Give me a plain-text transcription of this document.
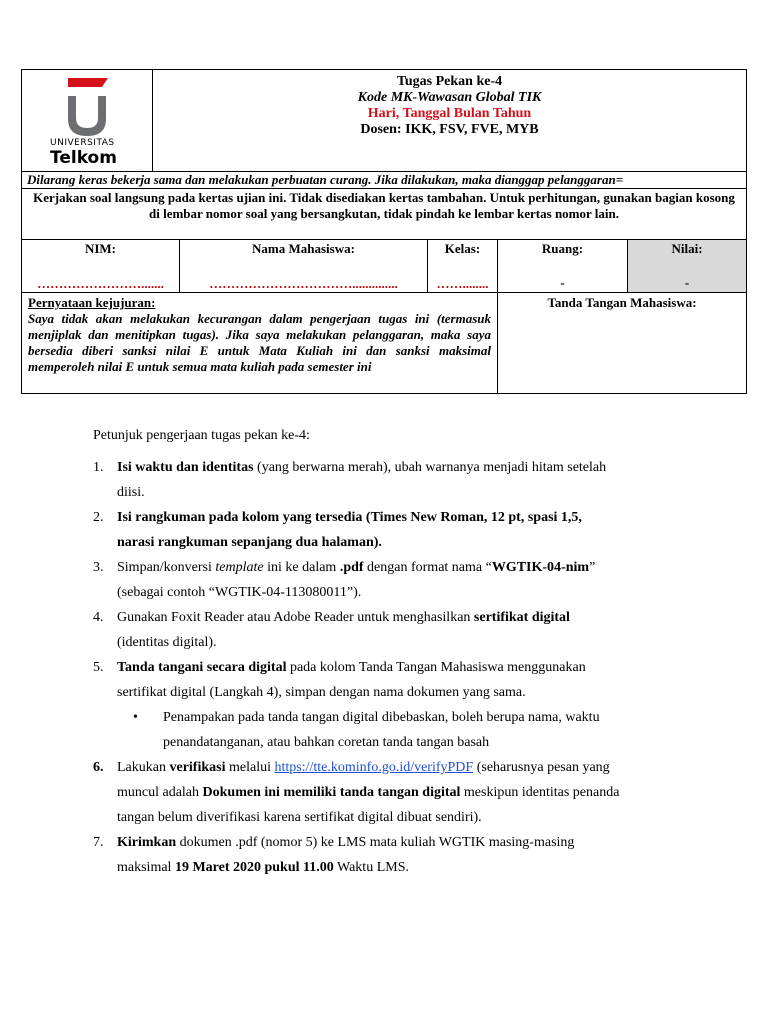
UNIVERSITAS
Telkom
Tugas Pekan ke-4
Kode MK-Wawasan Global TIK
Hari, Tanggal Bulan Tahun
Dosen: IKK, FSV, FVE, MYB
Dilarang keras bekerja sama dan melakukan perbuatan curang. Jika dilakukan, maka dianggap pelanggaran=
Kerjakan soal langsung pada kertas ujian ini. Tidak disediakan kertas tambahan. Untuk perhitungan, gunakan bagian kosong di lembar nomor soal yang bersangkutan, tidak pindah ke lembar kertas nomor lain.
NIM:
…………………….......
Nama Mahasiswa:
……………………………..............
Kelas:
……........
Ruang:
-
Nilai:
-
Pernyataan kejujuran:
Saya tidak akan melakukan kecurangan dalam pengerjaan tugas ini (termasuk menjiplak dan menitipkan tugas). Jika saya melakukan pelanggaran, maka saya bersedia diberi sanksi nilai E untuk Mata Kuliah ini dan sanksi maksimal memperoleh nilai E untuk semua mata kuliah pada semester ini
Tanda Tangan Mahasiswa:
Petunjuk pengerjaan tugas pekan ke-4:
1. Isi waktu dan identitas (yang berwarna merah), ubah warnanya menjadi hitam setelah
diisi.
2. Isi rangkuman pada kolom yang tersedia (Times New Roman, 12 pt, spasi 1,5,
narasi rangkuman sepanjang dua halaman).
3. Simpan/konversi template ini ke dalam .pdf dengan format nama “WGTIK-04-nim”
(sebagai contoh “WGTIK-04-113080011”).
4. Gunakan Foxit Reader atau Adobe Reader untuk menghasilkan sertifikat digital
(identitas digital).
5. Tanda tangani secara digital pada kolom Tanda Tangan Mahasiswa menggunakan
sertifikat digital (Langkah 4), simpan dengan nama dokumen yang sama.
• Penampakan pada tanda tangan digital dibebaskan, boleh berupa nama, waktu penandatanganan, atau bahkan coretan tanda tangan basah
6. Lakukan verifikasi melalui https://tte.kominfo.go.id/verifyPDF (seharusnya pesan yang
muncul adalah Dokumen ini memiliki tanda tangan digital meskipun identitas penanda
tangan belum diverifikasi karena sertifikat digital dibuat sendiri).
7. Kirimkan dokumen .pdf (nomor 5) ke LMS mata kuliah WGTIK masing-masing
maksimal 19 Maret 2020 pukul 11.00 Waktu LMS.
